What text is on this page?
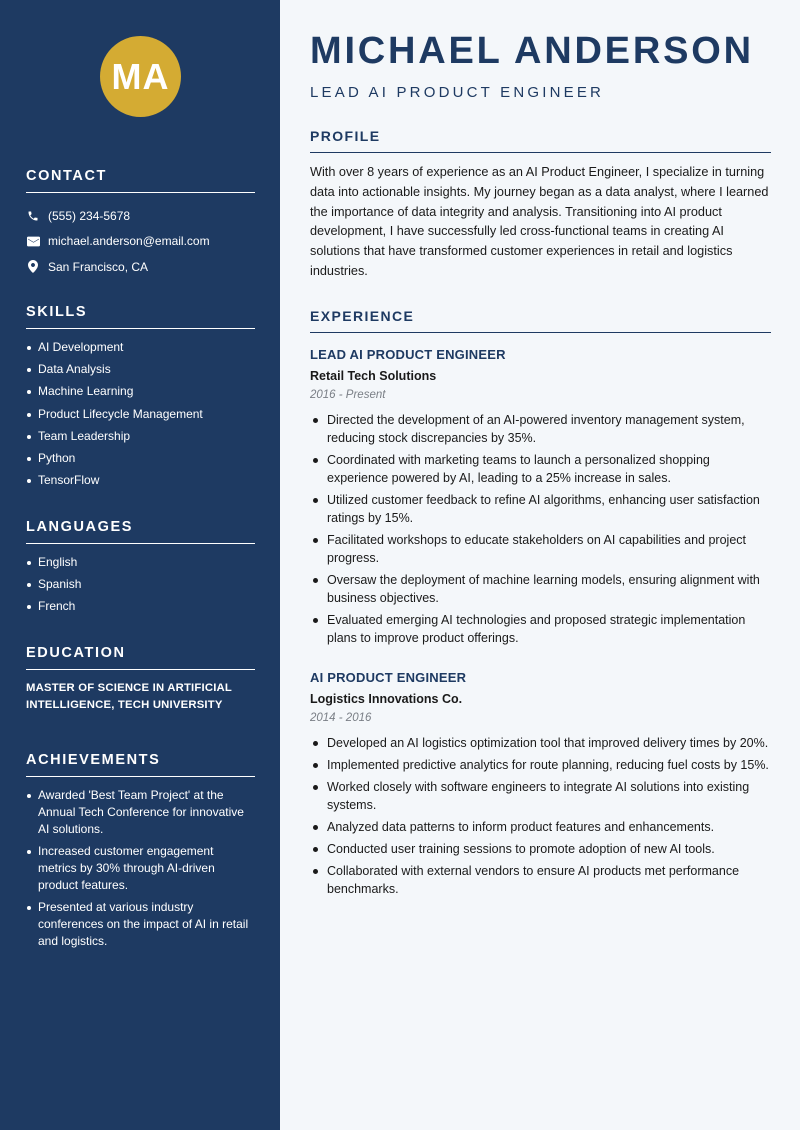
MA
CONTACT
(555) 234-5678
michael.anderson@email.com
San Francisco, CA
SKILLS
AI Development
Data Analysis
Machine Learning
Product Lifecycle Management
Team Leadership
Python
TensorFlow
LANGUAGES
English
Spanish
French
EDUCATION
MASTER OF SCIENCE IN ARTIFICIAL INTELLIGENCE, TECH UNIVERSITY
ACHIEVEMENTS
Awarded 'Best Team Project' at the Annual Tech Conference for innovative AI solutions.
Increased customer engagement metrics by 30% through AI-driven product features.
Presented at various industry conferences on the impact of AI in retail and logistics.
MICHAEL ANDERSON
LEAD AI PRODUCT ENGINEER
PROFILE
With over 8 years of experience as an AI Product Engineer, I specialize in turning data into actionable insights. My journey began as a data analyst, where I learned the importance of data integrity and analysis. Transitioning into AI product development, I have successfully led cross-functional teams in creating AI solutions that have transformed customer experiences in retail and logistics industries.
EXPERIENCE
LEAD AI PRODUCT ENGINEER
Retail Tech Solutions
2016 - Present
Directed the development of an AI-powered inventory management system, reducing stock discrepancies by 35%.
Coordinated with marketing teams to launch a personalized shopping experience powered by AI, leading to a 25% increase in sales.
Utilized customer feedback to refine AI algorithms, enhancing user satisfaction ratings by 15%.
Facilitated workshops to educate stakeholders on AI capabilities and project progress.
Oversaw the deployment of machine learning models, ensuring alignment with business objectives.
Evaluated emerging AI technologies and proposed strategic implementation plans to improve product offerings.
AI PRODUCT ENGINEER
Logistics Innovations Co.
2014 - 2016
Developed an AI logistics optimization tool that improved delivery times by 20%.
Implemented predictive analytics for route planning, reducing fuel costs by 15%.
Worked closely with software engineers to integrate AI solutions into existing systems.
Analyzed data patterns to inform product features and enhancements.
Conducted user training sessions to promote adoption of new AI tools.
Collaborated with external vendors to ensure AI products met performance benchmarks.
